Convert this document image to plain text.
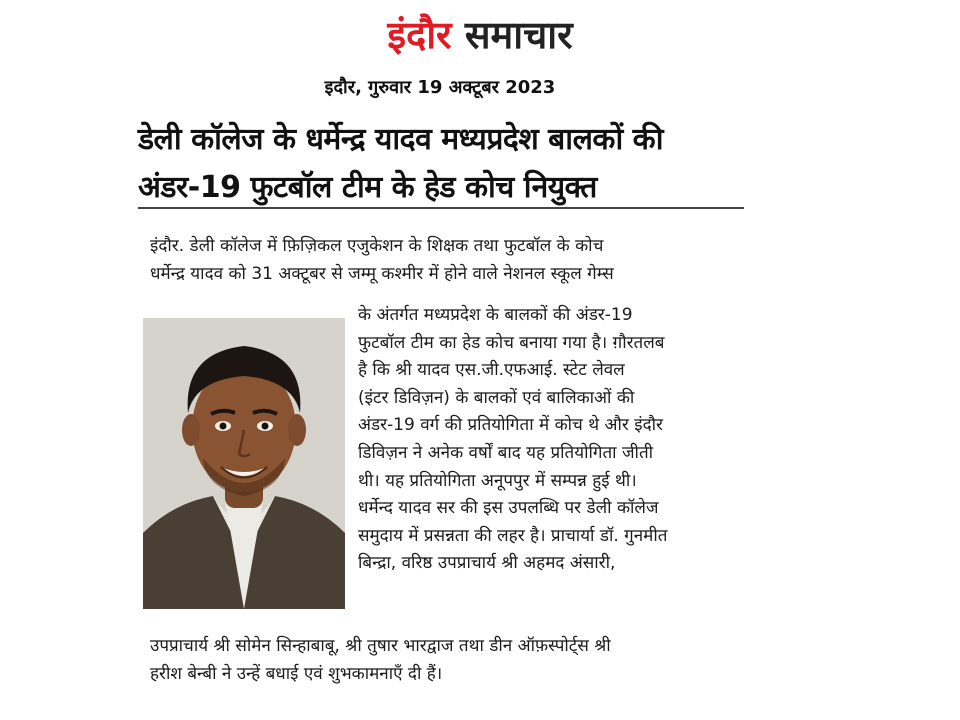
इंदौर समाचार
इदौर, गुरुवार 19 अक्टूबर 2023
डेली कॉलेज के धर्मेन्द्र यादव मध्यप्रदेश बालकों की
अंडर-19 फुटबॉल टीम के हेड कोच नियुक्त
इंदौर. डेली कॉलेज में फ़िज़िकल एजुकेशन के शिक्षक तथा फुटबॉल के कोच
धर्मेन्द्र यादव को 31 अक्टूबर से जम्मू कश्मीर में होने वाले नेशनल स्कूल गेम्स
के अंतर्गत मध्यप्रदेश के बालकों की अंडर-19
फुटबॉल टीम का हेड कोच बनाया गया है। ग़ौरतलब
है कि श्री यादव एस.जी.एफआई. स्टेट लेवल
(इंटर डिविज़न) के बालकों एवं बालिकाओं की
अंडर-19 वर्ग की प्रतियोगिता में कोच थे और इंदौर
डिविज़न ने अनेक वर्षों बाद यह प्रतियोगिता जीती
थी। यह प्रतियोगिता अनूपपुर में सम्पन्न हुई थी।
धर्मेन्द यादव सर की इस उपलब्धि पर डेली कॉलेज
समुदाय में प्रसन्नता की लहर है। प्राचार्या डॉ. गुनमीत
बिन्द्रा, वरिष्ठ उपप्राचार्य श्री अहमद अंसारी,
उपप्राचार्य श्री सोमेन सिन्हाबाबू, श्री तुषार भारद्वाज तथा डीन ऑफ़स्पोर्ट्स श्री
हरीश बेन्बी ने उन्हें बधाई एवं शुभकामनाएँ दी हैं।
